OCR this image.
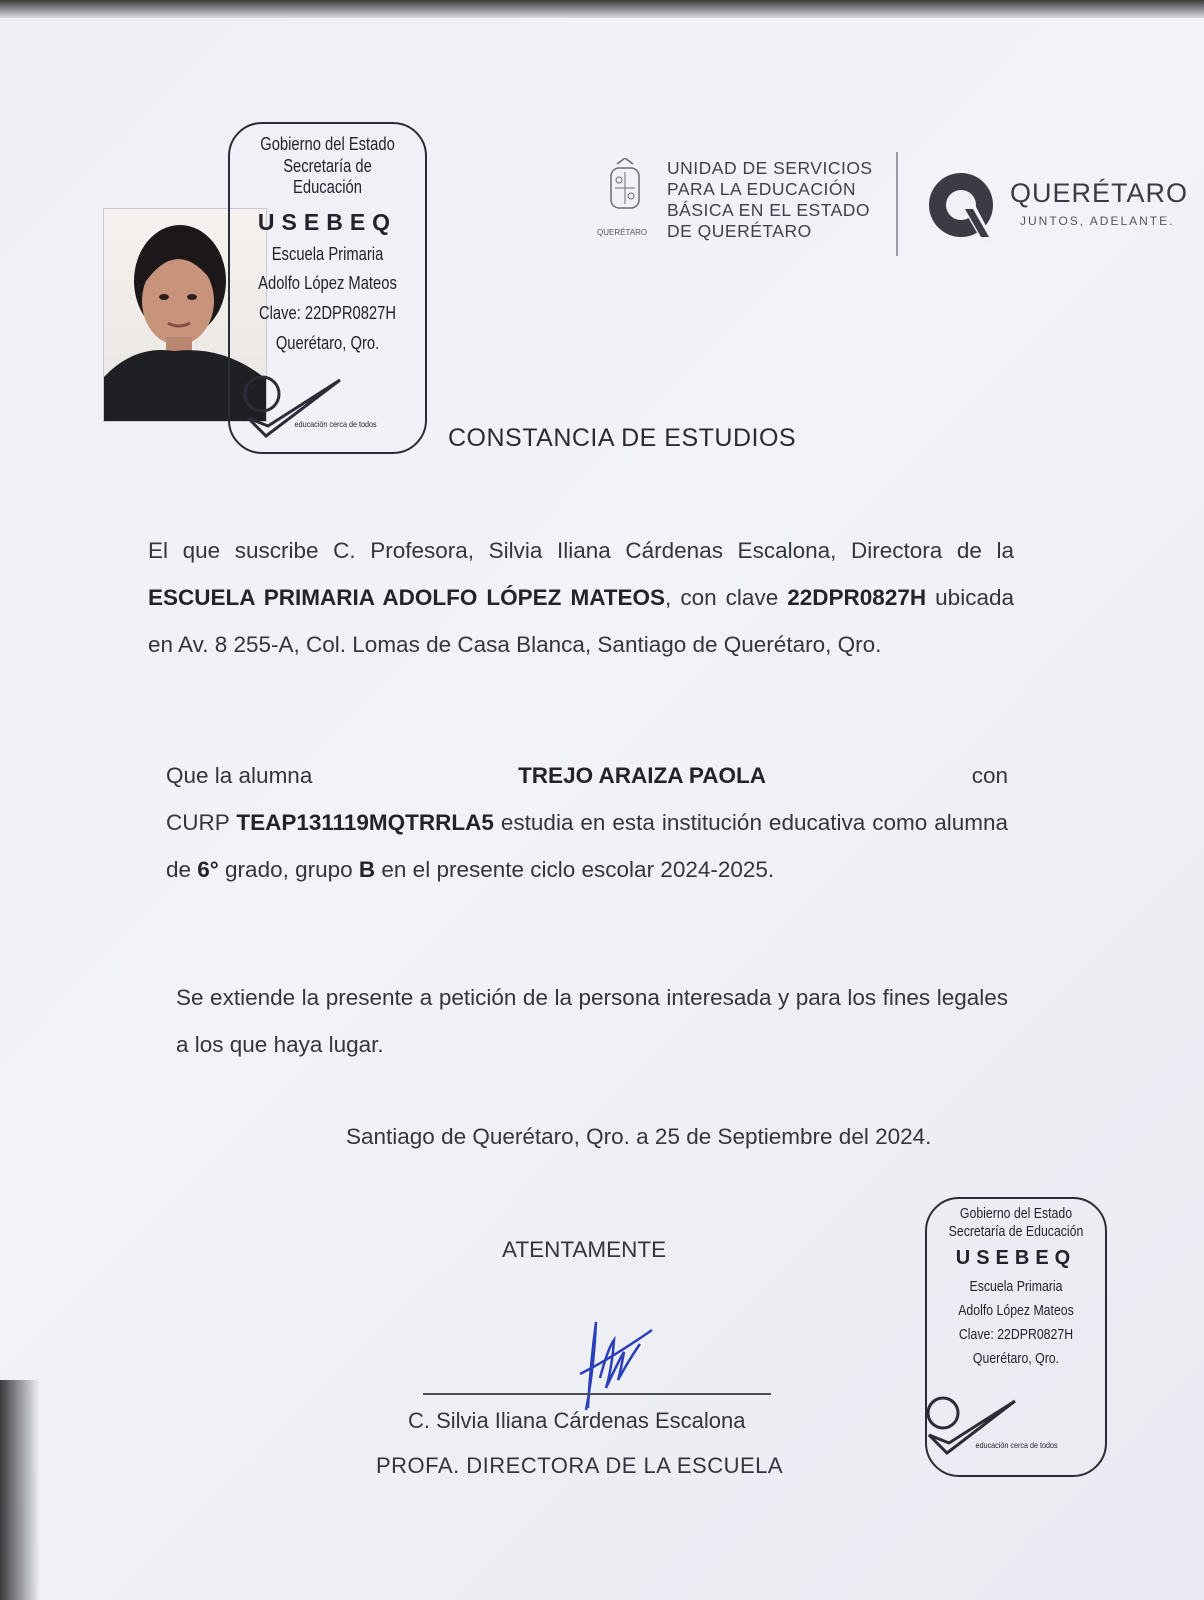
Gobierno del Estado
Secretaría de Educación
USEBEQ
Escuela Primaria
Adolfo López Mateos
Clave: 22DPR0827H
Querétaro, Qro.
educación cerca de todos
QUERÉTARO
UNIDAD DE SERVICIOS
PARA LA EDUCACIÓN
BÁSICA EN EL ESTADO
DE QUERÉTARO
QUERÉTARO
JUNTOS, ADELANTE.
CONSTANCIA DE ESTUDIOS
El que suscribe C. Profesora, Silvia Iliana Cárdenas Escalona, Directora de la ESCUELA PRIMARIA ADOLFO LÓPEZ MATEOS, con clave 22DPR0827H ubicada en Av. 8 255-A, Col. Lomas de Casa Blanca, Santiago de Querétaro, Qro.
Que la alumna	TREJO ARAIZA PAOLA	con
CURP TEAP131119MQTRRLA5 estudia en esta institución educativa como alumna de 6° grado, grupo B en el presente ciclo escolar 2024-2025.
Se extiende la presente a petición de la persona interesada y para los fines legales a los que haya lugar.
Santiago de Querétaro, Qro. a 25 de Septiembre del 2024.
ATENTAMENTE
C. Silvia Iliana Cárdenas Escalona
PROFA. DIRECTORA DE LA ESCUELA
Gobierno del Estado
Secretaría de Educación
USEBEQ
Escuela Primaria
Adolfo López Mateos
Clave: 22DPR0827H
Querétaro, Qro.
educación cerca de todos
